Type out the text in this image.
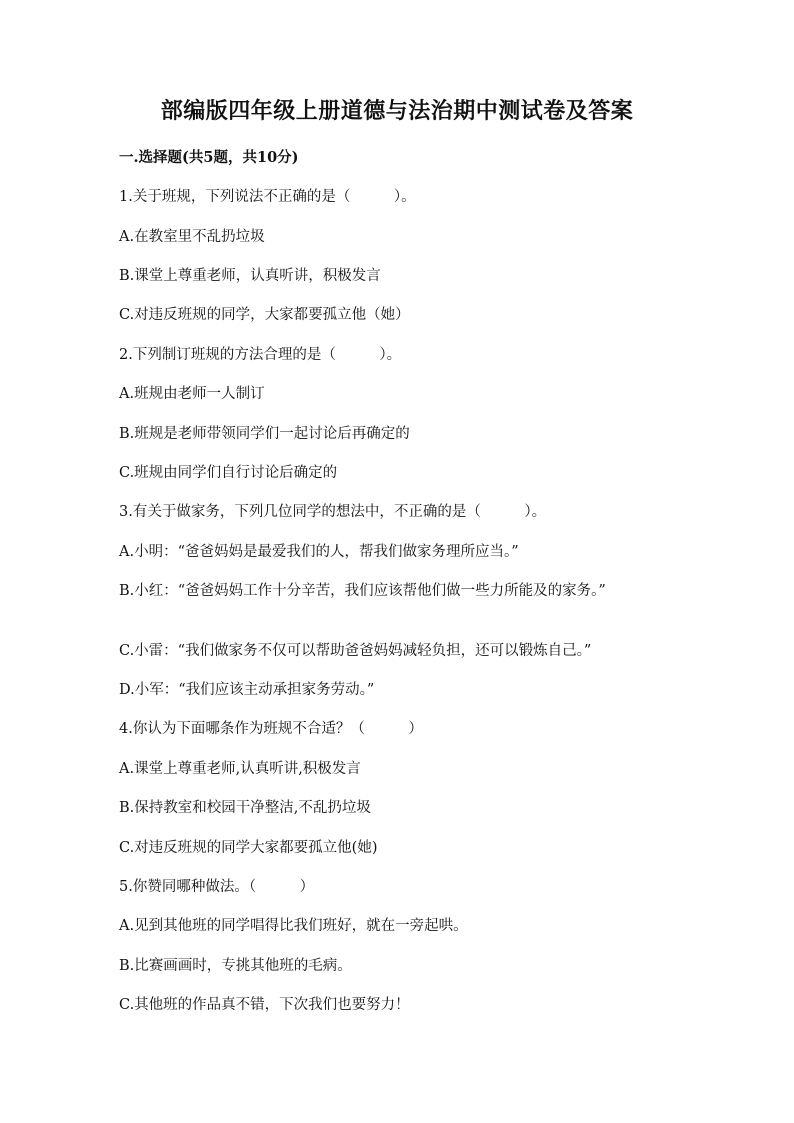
部编版四年级上册道德与法治期中测试卷及答案
一.选择题(共5题，共10分)
1.关于班规，下列说法不正确的是（　　　）。
A.在教室里不乱扔垃圾
B.课堂上尊重老师，认真听讲，积极发言
C.对违反班规的同学，大家都要孤立他（她）
2.下列制订班规的方法合理的是（　　　）。
A.班规由老师一人制订
B.班规是老师带领同学们一起讨论后再确定的
C.班规由同学们自行讨论后确定的
3.有关于做家务，下列几位同学的想法中，不正确的是（　　　）。
A.小明：“爸爸妈妈是最爱我们的人，帮我们做家务理所应当。”
B.小红：“爸爸妈妈工作十分辛苦，我们应该帮他们做一些力所能及的家务。”
C.小雷：“我们做家务不仅可以帮助爸爸妈妈减轻负担，还可以锻炼自己。”
D.小军：“我们应该主动承担家务劳动。”
4.你认为下面哪条作为班规不合适？（　　　）
A.课堂上尊重老师,认真听讲,积极发言
B.保持教室和校园干净整洁,不乱扔垃圾
C.对违反班规的同学大家都要孤立他(她)
5.你赞同哪种做法。（　　　）
A.见到其他班的同学唱得比我们班好，就在一旁起哄。
B.比赛画画时，专挑其他班的毛病。
C.其他班的作品真不错，下次我们也要努力！
